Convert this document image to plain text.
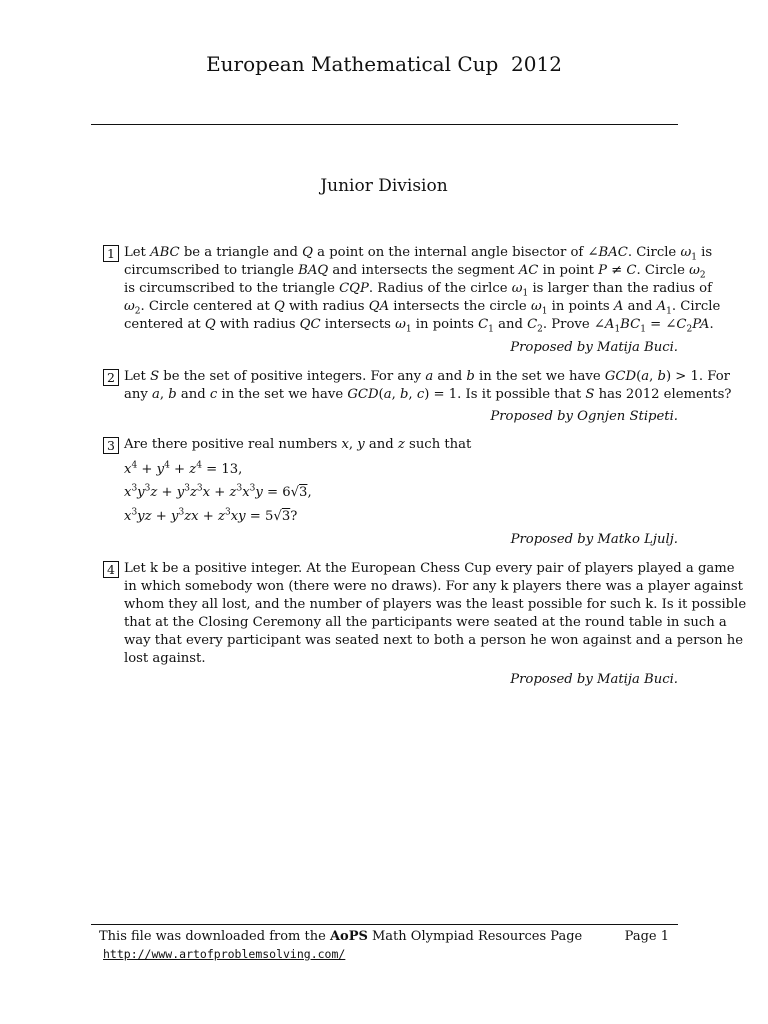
European Mathematical Cup  2012
Junior Division
1 Let ABC be a triangle and Q a point on the internal angle bisector of ∠BAC. Circle $\omega_1$ is
circumscribed to triangle BAQ and intersects the segment AC in point P ≠ C. Circle $\omega_2$
is circumscribed to the triangle CQP. Radius of the cirlce $\omega_1$ is larger than the radius of
$\omega_2$. Circle centered at Q with radius QA intersects the circle $\omega_1$ in points A and $A_1$. Circle
centered at Q with radius QC intersects $\omega_1$ in points $C_1$ and $C_2$. Prove $\angle A_1BC_1$ = $\angle C_2PA$.
Proposed by Matija Buci.
2 Let S be the set of positive integers. For any a and b in the set we have GCD(a, b) > 1. For
any a, b and c in the set we have GCD(a, b, c) = 1. Is it possible that S has 2012 elements?
Proposed by Ognjen Stipeti.
3 Are there positive real numbers x, y and z such that
$x^4 + y^4 + z^4 = 13$,
$x^3y^3z + y^3z^3x + z^3x^3y = 6√3$,
$x^3yz + y^3zx + z^3xy = 5√3$?
Proposed by Matko Ljulj.
4 Let k be a positive integer. At the European Chess Cup every pair of players played a game
in which somebody won (there were no draws). For any k players there was a player against
whom they all lost, and the number of players was the least possible for such k. Is it possible
that at the Closing Ceremony all the participants were seated at the round table in such a
way that every participant was seated next to both a person he won against and a person he
lost against.
Proposed by Matija Buci.
This file was downloaded from the AoPS Math Olympiad Resources Page	Page 1
http://www.artofproblemsolving.com/
